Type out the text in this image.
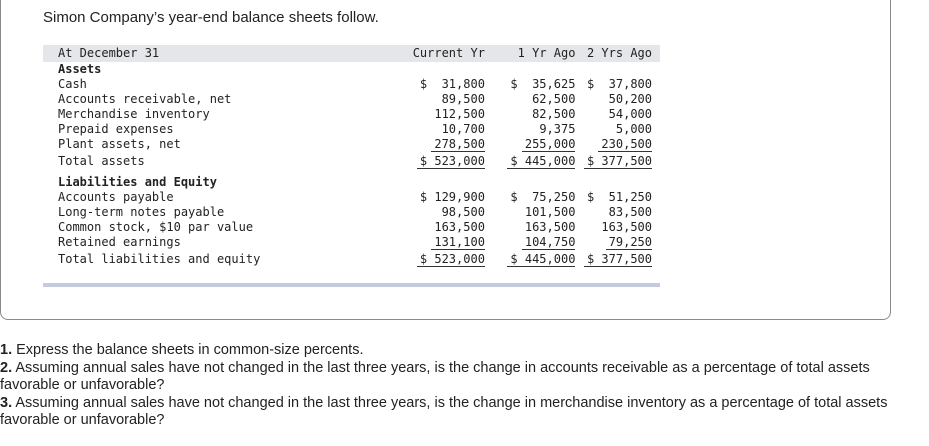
Simon Company’s year-end balance sheets follow.
At December 31	Current Yr	1 Yr Ago	2 Yrs Ago
Assets			
Cash	$  31,800	$  35,625	$  37,800
Accounts receivable, net	89,500	62,500	50,200
Merchandise inventory	112,500	82,500	54,000
Prepaid expenses	10,700	9,375	5,000
Plant assets, net	278,500	255,000	230,500
Total assets	$ 523,000	$ 445,000	$ 377,500

Liabilities and Equity			
Accounts payable	$ 129,900	$  75,250	$  51,250
Long-term notes payable	98,500	101,500	83,500
Common stock, $10 par value	163,500	163,500	163,500
Retained earnings	131,100	104,750	79,250
Total liabilities and equity	$ 523,000	$ 445,000	$ 377,500

1. Express the balance sheets in common-size percents.

2. Assuming annual sales have not changed in the last three years, is the change in accounts receivable as a percentage of total assets favorable or unfavorable?

3. Assuming annual sales have not changed in the last three years, is the change in merchandise inventory as a percentage of total assets favorable or unfavorable?
